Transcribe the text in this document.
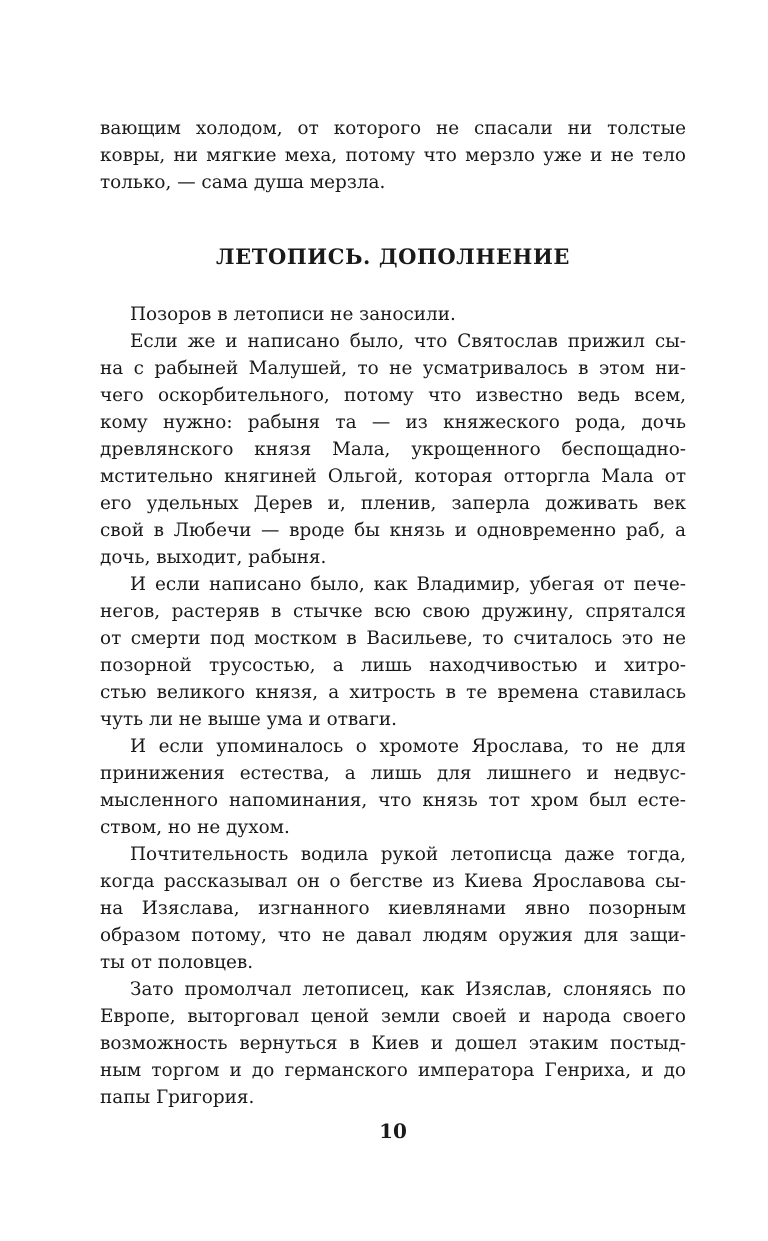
вающим холодом, от которого не спасали ни толстые
ковры, ни мягкие меха, потому что мерзло уже и не тело
только, — сама душа мерзла.
ЛЕТОПИСЬ. ДОПОЛНЕНИЕ
Позоров в летописи не заносили.
Если же и написано было, что Святослав прижил сы-
на с рабыней Малушей, то не усматривалось в этом ни-
чего оскорбительного, потому что известно ведь всем,
кому нужно: рабыня та — из княжеского рода, дочь
древлянского князя Мала, укрощенного беспощадно-
мстительно княгиней Ольгой, которая отторгла Мала от
его удельных Дерев и, пленив, заперла доживать век
свой в Любечи — вроде бы князь и одновременно раб, а
дочь, выходит, рабыня.
И если написано было, как Владимир, убегая от пече-
негов, растеряв в стычке всю свою дружину, спрятался
от смерти под мостком в Васильеве, то считалось это не
позорной трусостью, а лишь находчивостью и хитро-
стью великого князя, а хитрость в те времена ставилась
чуть ли не выше ума и отваги.
И если упоминалось о хромоте Ярослава, то не для
принижения естества, а лишь для лишнего и недвус-
мысленного напоминания, что князь тот хром был есте-
ством, но не духом.
Почтительность водила рукой летописца даже тогда,
когда рассказывал он о бегстве из Киева Ярославова сы-
на Изяслава, изгнанного киевлянами явно позорным
образом потому, что не давал людям оружия для защи-
ты от половцев.
Зато промолчал летописец, как Изяслав, слоняясь по
Европе, выторговал ценой земли своей и народа своего
возможность вернуться в Киев и дошел этаким постыд-
ным торгом и до германского императора Генриха, и до
папы Григория.
10
